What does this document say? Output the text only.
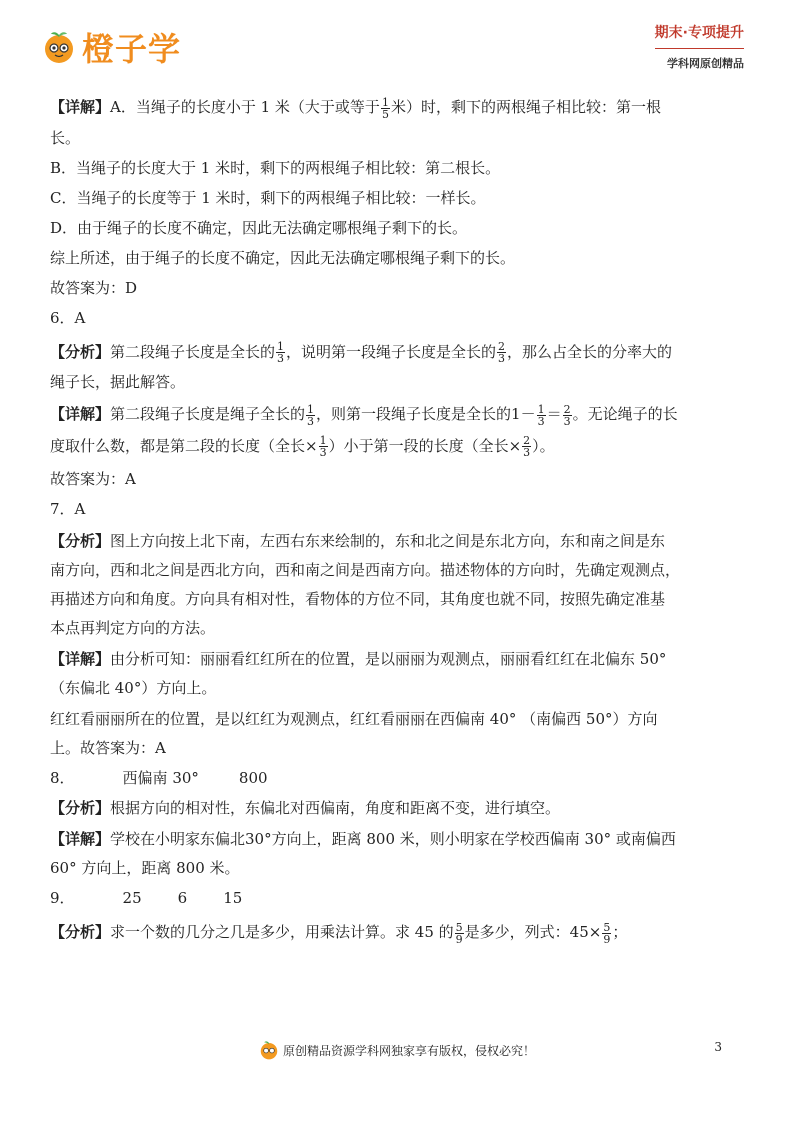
橙子学	期末·专项提升
学科网原创精品

【详解】A．当绳子的长度小于 1 米（大于或等于 $\frac{1}{5}$ 米）时，剩下的两根绳子相比较：第一根

长。

B．当绳子的长度大于 1 米时，剩下的两根绳子相比较：第二根长。

C．当绳子的长度等于 1 米时，剩下的两根绳子相比较：一样长。

D．由于绳子的长度不确定，因此无法确定哪根绳子剩下的长。

综上所述，由于绳子的长度不确定，因此无法确定哪根绳子剩下的长。

故答案为：D

6．A

【分析】第二段绳子长度是全长的 $\frac{1}{3}$ ，说明第一段绳子长度是全长的 $\frac{2}{3}$ ，那么占全长的分率大的

绳子长，据此解答。

【详解】第二段绳子长度是绳子全长的 $\frac{1}{3}$ ，则第一段绳子长度是全长的$1- \frac{1}{3} = \frac{2}{3}$ 。无论绳子的长

度取什么数，都是第二段的长度（全长× $\frac{1}{3}$ ）小于第一段的长度（全长× $\frac{2}{3}$ ）。

故答案为：A

7．A

【分析】图上方向按上北下南，左西右东来绘制的，东和北之间是东北方向，东和南之间是东

南方向，西和北之间是西北方向，西和南之间是西南方向。描述物体的方向时，先确定观测点，

再描述方向和角度。方向具有相对性，看物体的方位不同，其角度也就不同，按照先确定准基

本点再判定方向的方法。

【详解】由分析可知：丽丽看红红所在的位置，是以丽丽为观测点，丽丽看红红在北偏东 50°

（东偏北 40°）方向上。

红红看丽丽所在的位置，是以红红为观测点，红红看丽丽在西偏南 40° （南偏西 50°）方向

上。故答案为：A

8．	西偏南 30°	800

【分析】根据方向的相对性，东偏北对西偏南，角度和距离不变，进行填空。

【详解】学校在小明家东偏北30°方向上，距离 800 米，则小明家在学校西偏南 30° 或南偏西

60° 方向上，距离 800 米。

9．	25 6 15

【分析】求一个数的几分之几是多少，用乘法计算。求 45 的 $\frac{5}{9}$ 是多少，列式：$45\times \frac{5}{9}$ ；

原创精品资源学科网独家享有版权，侵权必究！	3
